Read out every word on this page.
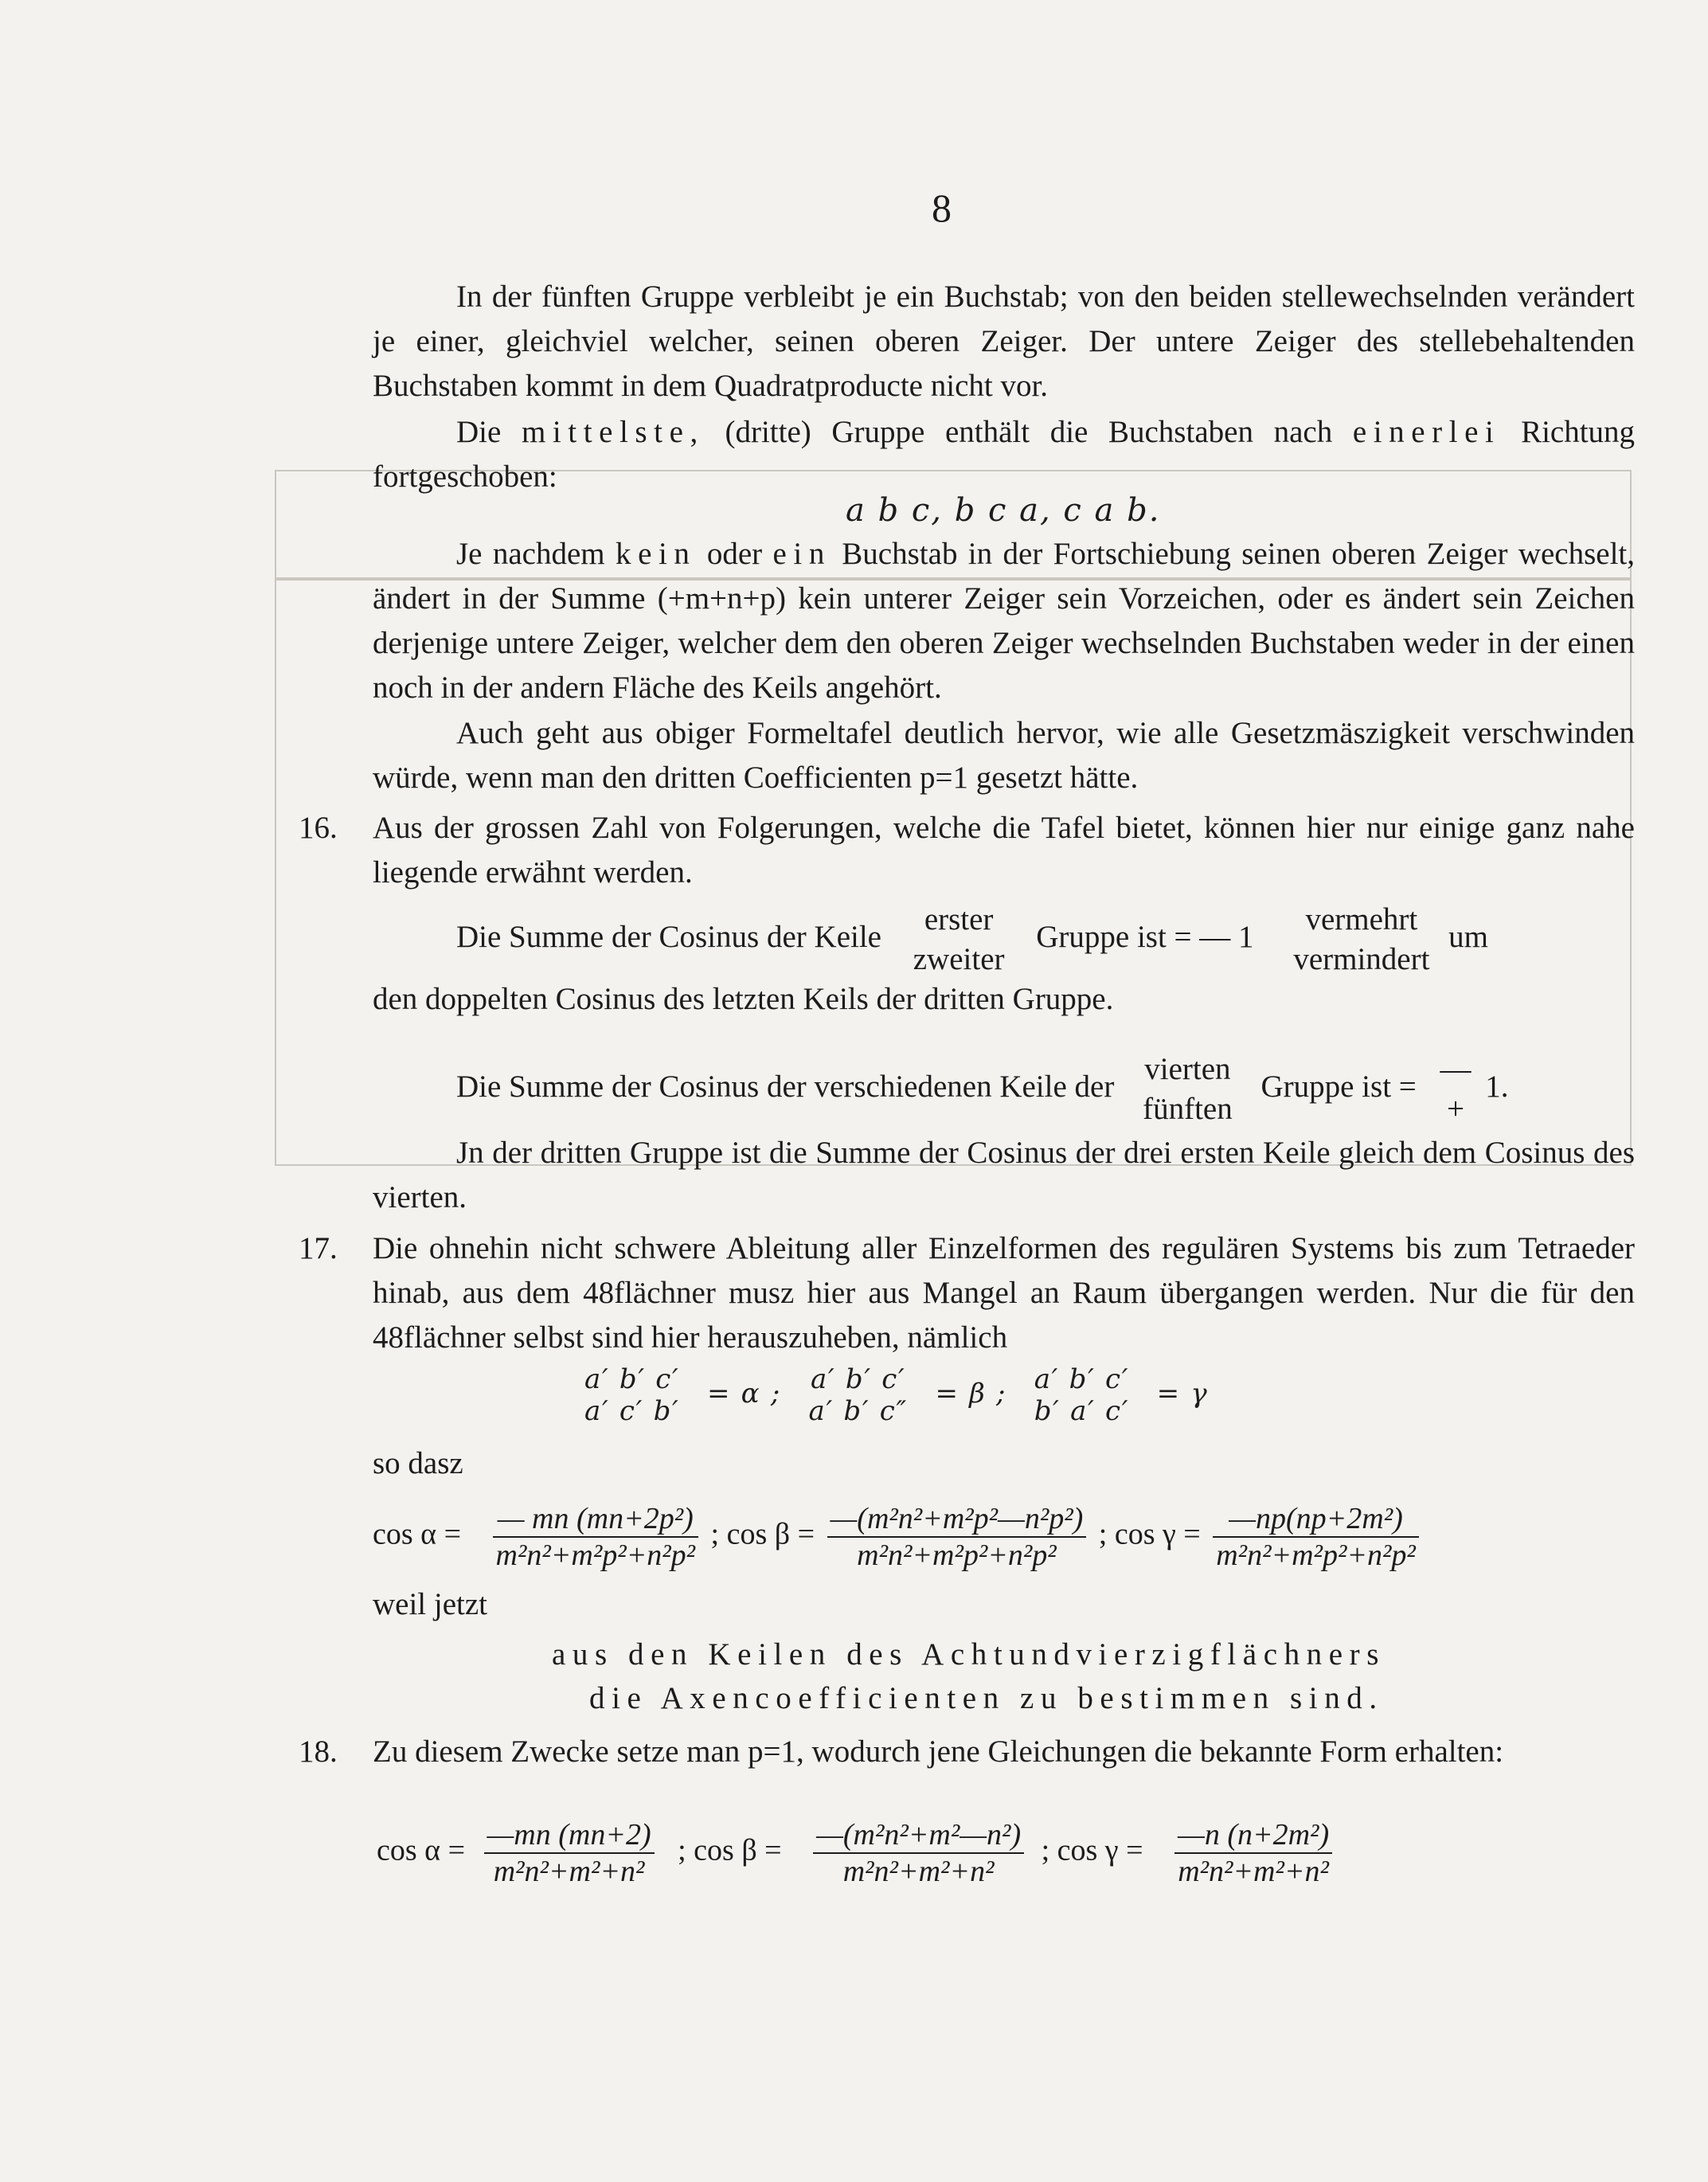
8
In der fünften Gruppe verbleibt je ein Buchstab; von den beiden stellewechselnden verändert je einer, gleichviel welcher, seinen oberen Zeiger. Der untere Zeiger des stellebehaltenden Buchstaben kommt in dem Quadratproducte nicht vor.
Die mittelste, (dritte) Gruppe enthält die Buchstaben nach einerlei Richtung fortgeschoben:
a b c, b c a, c a b.
Je nachdem kein oder ein Buchstab in der Fortschiebung seinen oberen Zeiger wechselt, ändert in der Summe (+m+n+p) kein unterer Zeiger sein Vorzeichen, oder es ändert sein Zeichen derjenige untere Zeiger, welcher dem den oberen Zeiger wechselnden Buchstaben weder in der einen noch in der andern Fläche des Keils angehört.
Auch geht aus obiger Formeltafel deutlich hervor, wie alle Gesetzmäszigkeit verschwinden würde, wenn man den dritten Coefficienten p=1 gesetzt hätte.
16.	Aus der grossen Zahl von Folgerungen, welche die Tafel bietet, können hier nur einige ganz nahe liegende erwähnt werden.
Die Summe der Cosinus der Keile
erster
zweiter
Gruppe ist = — 1
vermehrt
vermindert
um
den doppelten Cosinus des letzten Keils der dritten Gruppe.
Die Summe der Cosinus der verschiedenen Keile der
vierten
fünften
Gruppe ist =
—
+
1.
Jn der dritten Gruppe ist die Summe der Cosinus der drei ersten Keile gleich dem Cosinus des vierten.
17.	Die ohnehin nicht schwere Ableitung aller Einzelformen des regulären Systems bis zum Tetraeder hinab, aus dem 48flächner musz hier aus Mangel an Raum übergangen werden. Nur die für den 48flächner selbst sind hier herauszuheben, nämlich
a′ b′ c′
a′ c′ b′
= α ; a′ b′ c′
a′ b′ c″
= β ; a′ b′ c′
b′ a′ c′
= γ
so dasz
$\cos \alpha = \frac{\text{— mn (mn+2p²)}}{\text{m²n²+m²p²+n²p²}}$ ; $\cos \beta = \frac{\text{—(m²n²+m²p²—n²p²)}}{\text{m²n²+m²p²+n²p²}}$ ; $\cos \gamma = \frac{\text{—np(np+2m²)}}{\text{m²n²+m²p²+n²p²}}$
weil jetzt
aus den Keilen des Achtundvierzigflächners
die Axencoefficienten zu bestimmen sind.
18.	Zu diesem Zwecke setze man p=1, wodurch jene Gleichungen die bekannte Form erhalten:
$\cos \alpha = \frac{—mn (mn+2)}{\text{m²n²+m²+n²}}$ ; $\cos \beta = \frac{\text{—(m²n²+m²—n²)}}{\text{m²n²+m²+n²}}$ ; $\cos \gamma = \frac{\text{—n (n+2m²)}}{\text{m²n²+m²+n²}}$
